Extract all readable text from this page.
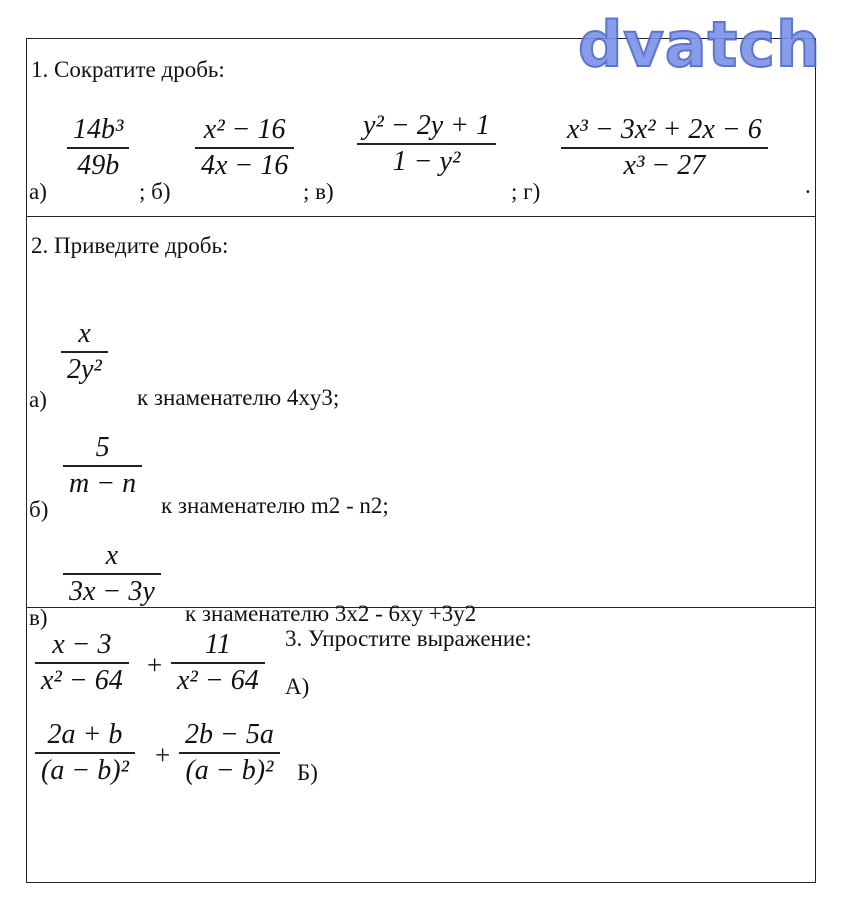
1. Сократите дробь:
а)
14b³
49b
; б)
x² − 16
4x − 16
; в)
y² − 2y + 1
1 − y²
; г)
x³ − 3x² + 2x − 6
x³ − 27
.
2. Приведите дробь:
а)
x
2y²
к знаменателю 4xy3;
б)
5
m − n
к знаменателю m2 - n2;
в)
x
3x − 3y
к знаменателю 3x2 - 6xy +3y2
x − 3
x² − 64 +
11
x² − 64 А)
3. Упростите выражение:
2a + b
(a − b)² +
2b − 5a
(a − b)² Б)
dvatch
